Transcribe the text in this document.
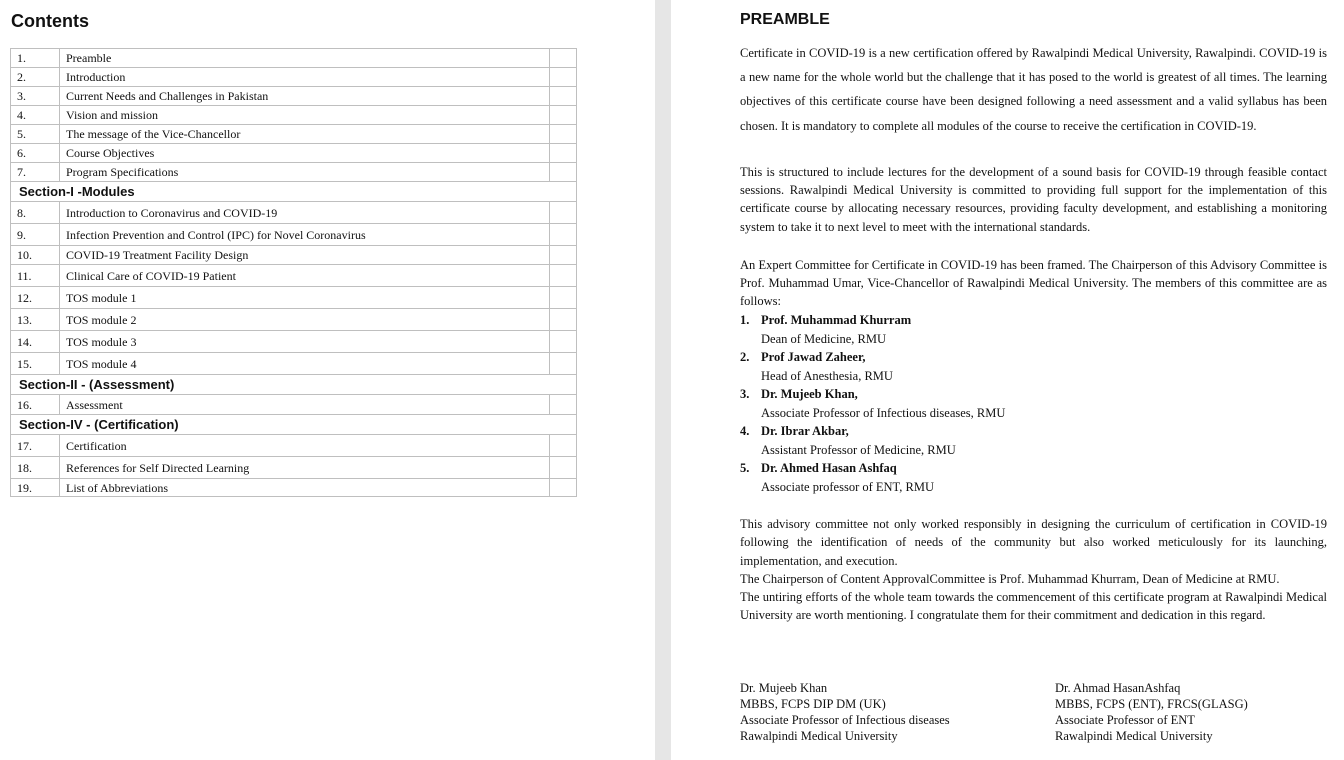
Contents
1.	Preamble	
2.	Introduction	
3.	Current Needs and Challenges in Pakistan	
4.	Vision and mission	
5.	The message of the Vice-Chancellor	
6.	Course Objectives	
7.	Program Specifications	
Section-I -Modules		
8.	Introduction to Coronavirus and COVID-19	
9.	Infection Prevention and Control (IPC) for Novel Coronavirus	
10.	COVID-19 Treatment Facility Design	
11.	Clinical Care of COVID-19 Patient	
12.	TOS module 1	
13.	TOS module 2	
14.	TOS module 3	
15.	TOS module 4	
Section-II - (Assessment)		
16.	Assessment	
Section-IV - (Certification)		
17.	Certification	
18.	References for Self Directed Learning	
19.	List of Abbreviations	
PREAMBLE
Certificate in COVID-19 is a new certification offered by Rawalpindi Medical University, Rawalpindi. COVID-19 is a new name for the whole world but the challenge that it has posed to the world is greatest of all times. The learning objectives of this certificate course have been designed following a need assessment and a valid syllabus has been chosen. It is mandatory to complete all modules of the course to receive the certification in COVID-19.
This is structured to include lectures for the development of a sound basis for COVID-19 through feasible contact sessions. Rawalpindi Medical University is committed to providing full support for the implementation of this certificate course by allocating necessary resources, providing faculty development, and establishing a monitoring system to take it to next level to meet with the international standards.
An Expert Committee for Certificate in COVID-19 has been framed. The Chairperson of this Advisory Committee is Prof. Muhammad Umar, Vice-Chancellor of Rawalpindi Medical University. The members of this committee are as follows:
1. Prof. Muhammad Khurram
Dean of Medicine, RMU
2. Prof Jawad Zaheer,
Head of Anesthesia, RMU
3. Dr. Mujeeb Khan,
Associate Professor of Infectious diseases, RMU
4. Dr. Ibrar Akbar,
Assistant Professor of Medicine, RMU
5. Dr. Ahmed Hasan Ashfaq
Associate professor of ENT, RMU
This advisory committee not only worked responsibly in designing the curriculum of certification in COVID-19 following the identification of needs of the community but also worked meticulously for its launching, implementation, and execution.
The Chairperson of Content ApprovalCommittee is Prof. Muhammad Khurram, Dean of Medicine at RMU.
The untiring efforts of the whole team towards the commencement of this certificate program at Rawalpindi Medical University are worth mentioning. I congratulate them for their commitment and dedication in this regard.
Dr. Mujeeb Khan
MBBS, FCPS DIP DM (UK)
Associate Professor of Infectious diseases
Rawalpindi Medical University
Dr. Ahmad HasanAshfaq
MBBS, FCPS (ENT), FRCS(GLASG)
Associate Professor of ENT
Rawalpindi Medical University
